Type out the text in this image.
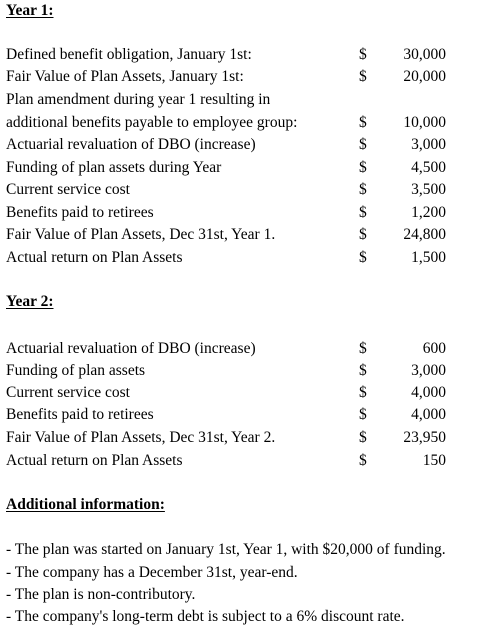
Year 1:
Defined benefit obligation, January 1st:	$ 30,000
Fair Value of Plan Assets, January 1st:	$ 20,000
Plan amendment during year 1 resulting in
additional benefits payable to employee group:	$ 10,000
Actuarial revaluation of DBO (increase)	$	3,000
Funding of plan assets during Year	$	4,500
Current service cost	$	3,500
Benefits paid to retirees	$	1,200
Fair Value of Plan Assets, Dec 31st, Year 1.	$ 24,800
Actual return on Plan Assets	$	1,500
Year 2:
Actuarial revaluation of DBO (increase)	$	600
Funding of plan assets	$	3,000
Current service cost	$	4,000
Benefits paid to retirees	$	4,000
Fair Value of Plan Assets, Dec 31st, Year 2.	$ 23,950
Actual return on Plan Assets	$	150
Additional information:
- The plan was started on January 1st, Year 1, with $20,000 of funding.
- The company has a December 31st, year-end.
- The plan is non-contributory.
- The company's long-term debt is subject to a 6% discount rate.
